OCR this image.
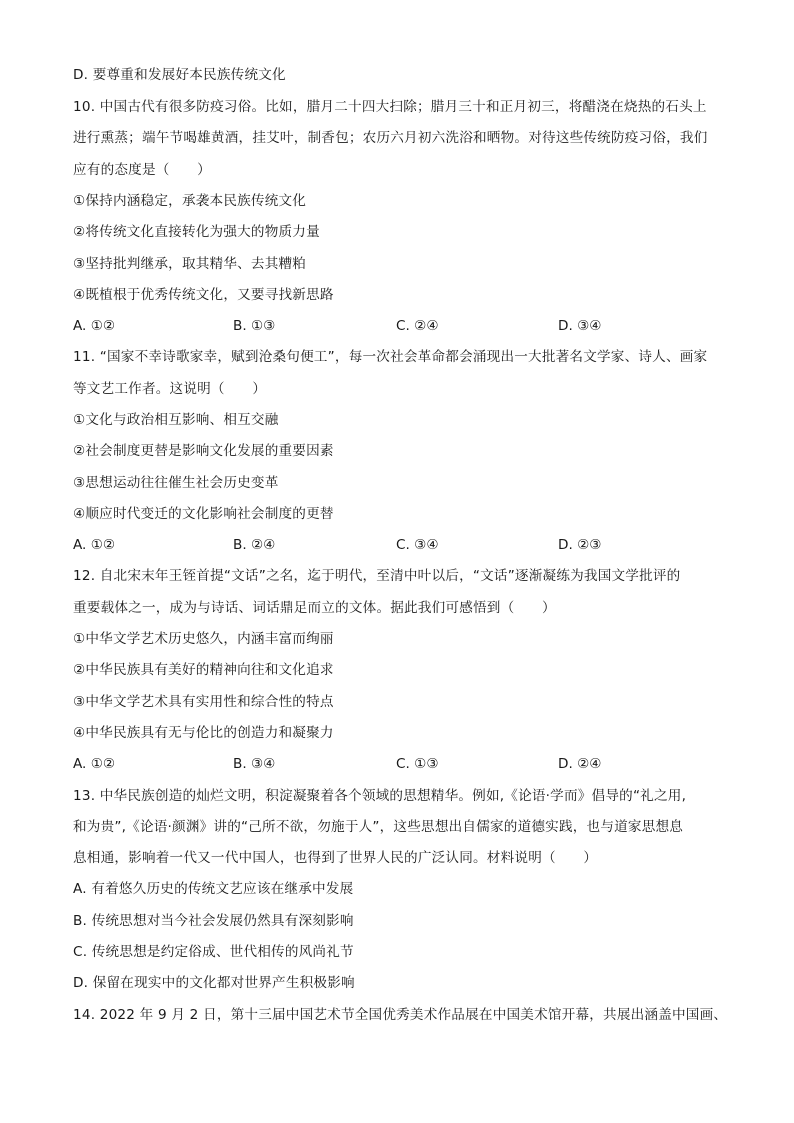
D. 要尊重和发展好本民族传统文化
10. 中国古代有很多防疫习俗。比如，腊月二十四大扫除；腊月三十和正月初三，将醋浇在烧热的石头上
进行熏蒸；端午节喝雄黄酒，挂艾叶，制香包；农历六月初六洗浴和晒物。对待这些传统防疫习俗，我们
应有的态度是（　　）
①保持内涵稳定，承袭本民族传统文化
②将传统文化直接转化为强大的物质力量
③坚持批判继承，取其精华、去其糟粕
④既植根于优秀传统文化，又要寻找新思路
A. ①②	B. ①③	C. ②④	D. ③④
11. “国家不幸诗歌家幸，赋到沧桑句便工”，每一次社会革命都会涌现出一大批著名文学家、诗人、画家
等文艺工作者。这说明（　　）
①文化与政治相互影响、相互交融
②社会制度更替是影响文化发展的重要因素
③思想运动往往催生社会历史变革
④顺应时代变迁的文化影响社会制度的更替
A. ①②	B. ②④	C. ③④	D. ②③
12. 自北宋末年王铚首提“文话”之名，迄于明代，至清中叶以后，“文话”逐渐凝练为我国文学批评的
重要载体之一，成为与诗话、词话鼎足而立的文体。据此我们可感悟到（　　）
①中华文学艺术历史悠久，内涵丰富而绚丽
②中华民族具有美好的精神向往和文化追求
③中华文学艺术具有实用性和综合性的特点
④中华民族具有无与伦比的创造力和凝聚力
A. ①②	B. ③④	C. ①③	D. ②④
13. 中华民族创造的灿烂文明，积淀凝聚着各个领域的思想精华。例如,《论语·学而》倡导的“礼之用,
和为贵”,《论语·颜渊》讲的“己所不欲，勿施于人”，这些思想出自儒家的道德实践，也与道家思想息
息相通，影响着一代又一代中国人，也得到了世界人民的广泛认同。材料说明（　　）
A. 有着悠久历史的传统文艺应该在继承中发展
B. 传统思想对当今社会发展仍然具有深刻影响
C. 传统思想是约定俗成、世代相传的风尚礼节
D. 保留在现实中的文化都对世界产生积极影响
14. 2022 年 9 月 2 日，第十三届中国艺术节全国优秀美术作品展在中国美术馆开幕，共展出涵盖中国画、
